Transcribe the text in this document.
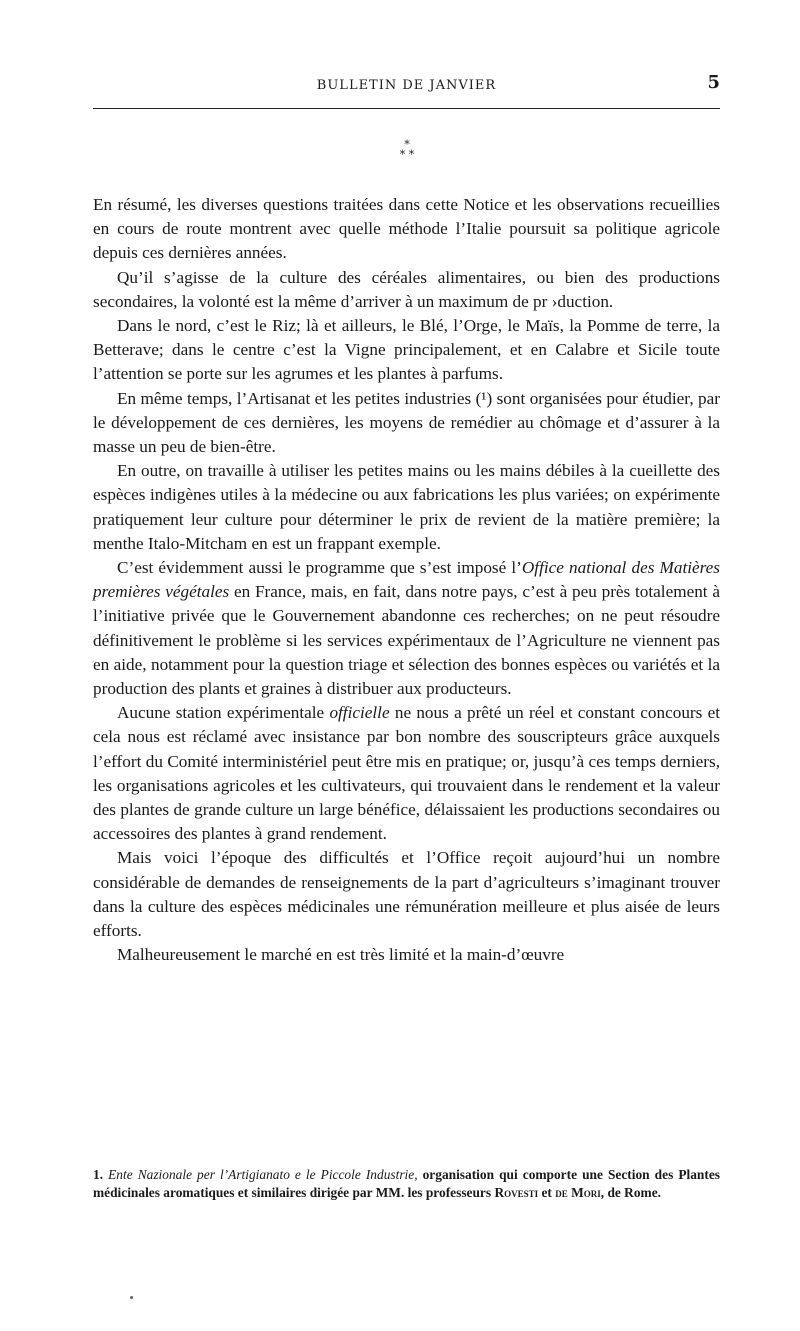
BULLETIN DE JANVIER	5
*
* *

En résumé, les diverses questions traitées dans cette Notice et les observations recueillies en cours de route montrent avec quelle méthode l’Italie poursuit sa politique agricole depuis ces dernières années.

Qu’il s’agisse de la culture des céréales alimentaires, ou bien des productions secondaires, la volonté est la même d’arriver à un maximum de pr ›duction.

Dans le nord, c’est le Riz; là et ailleurs, le Blé, l’Orge, le Maïs, la Pomme de terre, la Betterave; dans le centre c’est la Vigne principalement, et en Calabre et Sicile toute l’attention se porte sur les agrumes et les plantes à parfums.

En même temps, l’Artisanat et les petites industries (¹) sont organisées pour étudier, par le développement de ces dernières, les moyens de remédier au chômage et d’assurer à la masse un peu de bien-être.

En outre, on travaille à utiliser les petites mains ou les mains débiles à la cueillette des espèces indigènes utiles à la médecine ou aux fabrications les plus variées; on expérimente pratiquement leur culture pour déterminer le prix de revient de la matière première; la menthe Italo-Mitcham en est un frappant exemple.

C’est évidemment aussi le programme que s’est imposé l’Office national des Matières premières végétales en France, mais, en fait, dans notre pays, c’est à peu près totalement à l’initiative privée que le Gouvernement abandonne ces recherches; on ne peut résoudre définitivement le problème si les services expérimentaux de l’Agriculture ne viennent pas en aide, notamment pour la question triage et sélection des bonnes espèces ou variétés et la production des plants et graines à distribuer aux producteurs.

Aucune station expérimentale officielle ne nous a prêté un réel et constant concours et cela nous est réclamé avec insistance par bon nombre des souscripteurs grâce auxquels l’effort du Comité interministériel peut être mis en pratique; or, jusqu’à ces temps derniers, les organisations agricoles et les cultivateurs, qui trouvaient dans le rendement et la valeur des plantes de grande culture un large bénéfice, délaissaient les productions secondaires ou accessoires des plantes à grand rendement.

Mais voici l’époque des difficultés et l’Office reçoit aujourd’hui un nombre considérable de demandes de renseignements de la part d’agriculteurs s’imaginant trouver dans la culture des espèces médicinales une rémunération meilleure et plus aisée de leurs efforts.

Malheureusement le marché en est très limité et la main-d’œuvre

1. Ente Nazionale per l’Artigianato e le Piccole Industrie, organisation qui comporte une Section des Plantes médicinales aromatiques et similaires dirigée par MM. les professeurs Rovesti et de Mori, de Rome.
